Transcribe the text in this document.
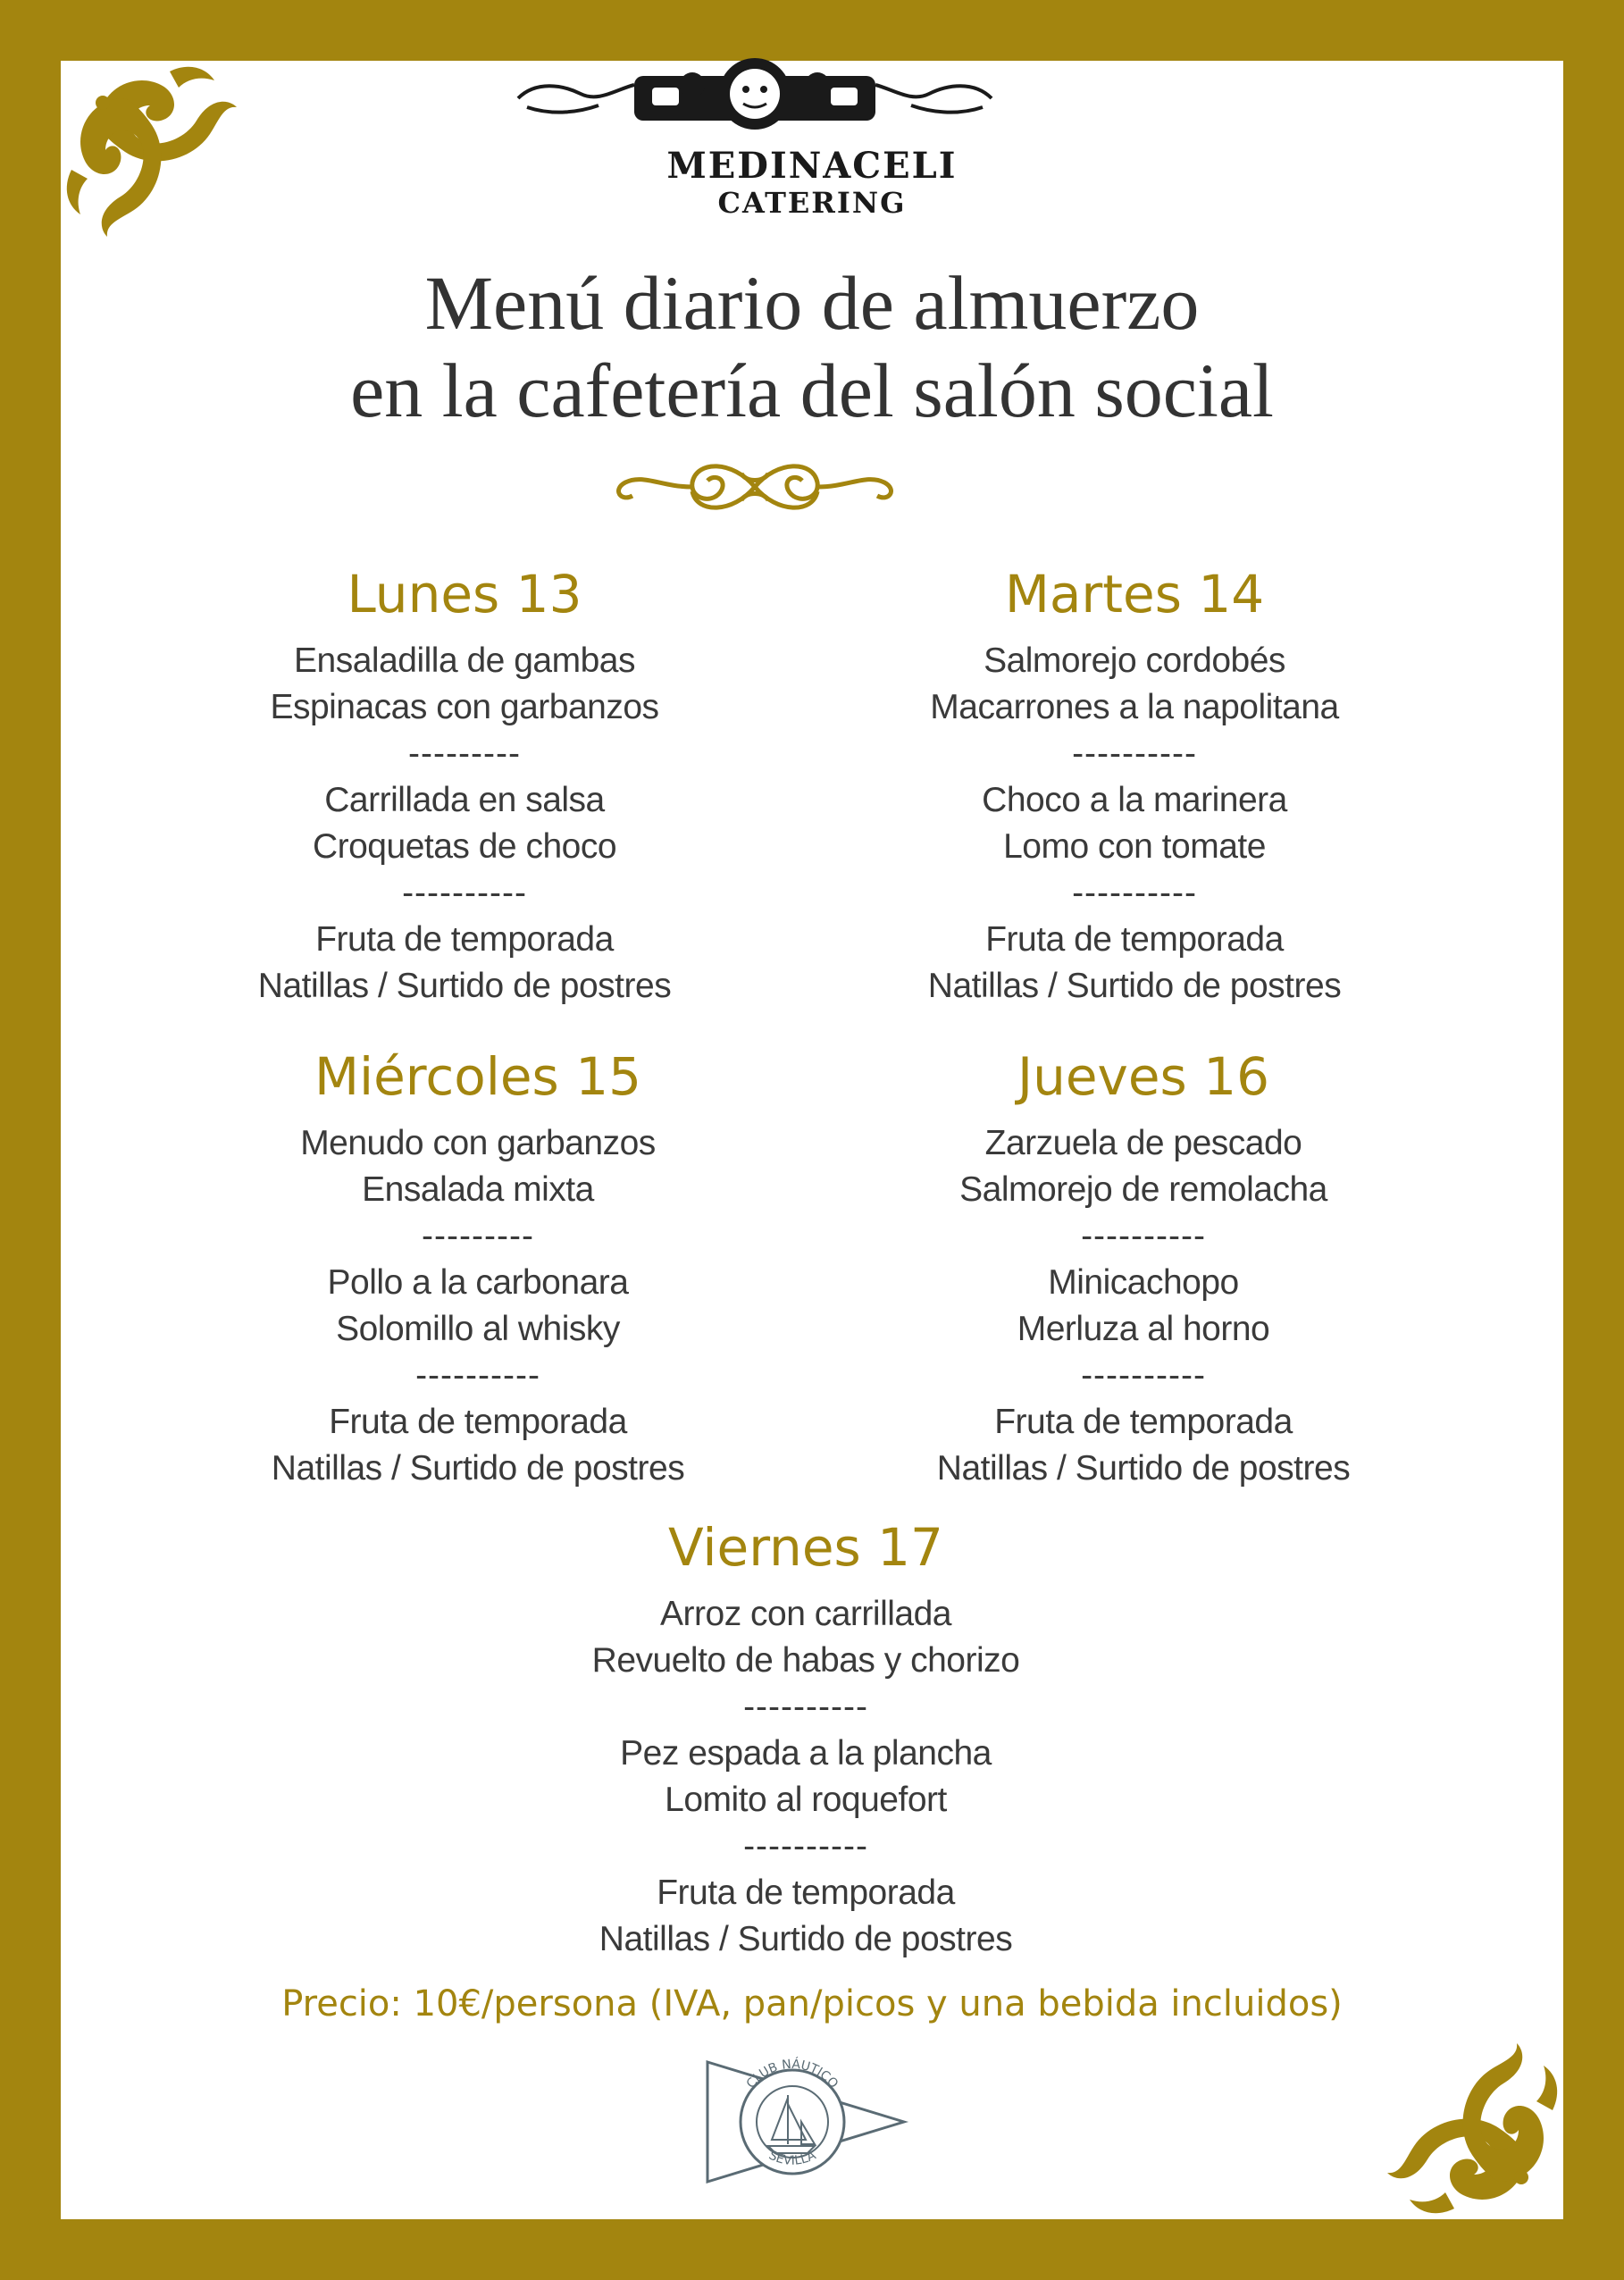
MEDINACELI
CATERING
Menú diario de almuerzo
en la cafetería del salón social
Lunes 13
Ensaladilla de gambas
Espinacas con garbanzos
---------
Carrillada en salsa
Croquetas de choco
----------
Fruta de temporada
Natillas / Surtido de postres
Martes 14
Salmorejo cordobés
Macarrones a la napolitana
----------
Choco a la marinera
Lomo con tomate
----------
Fruta de temporada
Natillas / Surtido de postres
Miércoles 15
Menudo con garbanzos
Ensalada mixta
---------
Pollo a la carbonara
Solomillo al whisky
----------
Fruta de temporada
Natillas / Surtido de postres
Jueves 16
Zarzuela de pescado
Salmorejo de remolacha
----------
Minicachopo
Merluza al horno
----------
Fruta de temporada
Natillas / Surtido de postres
Viernes 17
Arroz con carrillada
Revuelto de habas y chorizo
----------
Pez espada a la plancha
Lomito al roquefort
----------
Fruta de temporada
Natillas / Surtido de postres
Precio: 10€/persona (IVA, pan/picos y una bebida incluidos)
CLUB NÁUTICO
SEVILLA
